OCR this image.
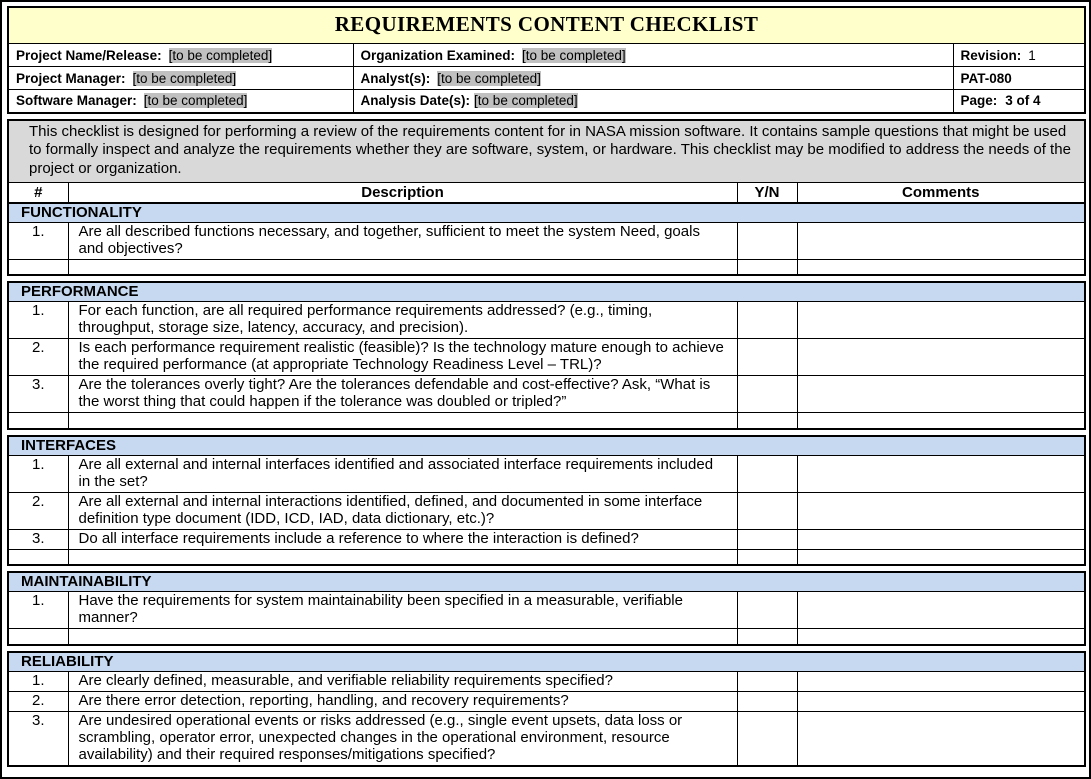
REQUIREMENTS CONTENT CHECKLIST		
Project Name/Release: [to be completed]	Organization Examined: [to be completed]	Revision: 1
Project Manager: [to be completed]	Analyst(s): [to be completed]	PAT-080
Software Manager: [to be completed]	Analysis Date(s): [to be completed]	Page: 3 of 4
This checklist is designed for performing a review of the requirements content for in NASA mission software. It contains sample questions that might be used to formally inspect and analyze the requirements whether they are software, system, or hardware. This checklist may be modified to address the needs of the project or organization.			
#	Description	Y/N	Comments
FUNCTIONALITY			
1.	Are all described functions necessary, and together, sufficient to meet the system Need, goals and objectives?		

PERFORMANCE			
1.	For each function, are all required performance requirements addressed? (e.g., timing, throughput, storage size, latency, accuracy, and precision).		
2.	Is each performance requirement realistic (feasible)? Is the technology mature enough to achieve the required performance (at appropriate Technology Readiness Level – TRL)?		
3.	Are the tolerances overly tight? Are the tolerances defendable and cost-effective? Ask, “What is the worst thing that could happen if the tolerance was doubled or tripled?”		

INTERFACES			
1.	Are all external and internal interfaces identified and associated interface requirements included in the set?		
2.	Are all external and internal interactions identified, defined, and documented in some interface definition type document (IDD, ICD, IAD, data dictionary, etc.)?		
3.	Do all interface requirements include a reference to where the interaction is defined?		

MAINTAINABILITY			
1.	Have the requirements for system maintainability been specified in a measurable, verifiable manner?		

RELIABILITY			
1.	Are clearly defined, measurable, and verifiable reliability requirements specified?		
2.	Are there error detection, reporting, handling, and recovery requirements?		
3.	Are undesired operational events or risks addressed (e.g., single event upsets, data loss or scrambling, operator error, unexpected changes in the operational environment, resource availability) and their required responses/mitigations specified?		
